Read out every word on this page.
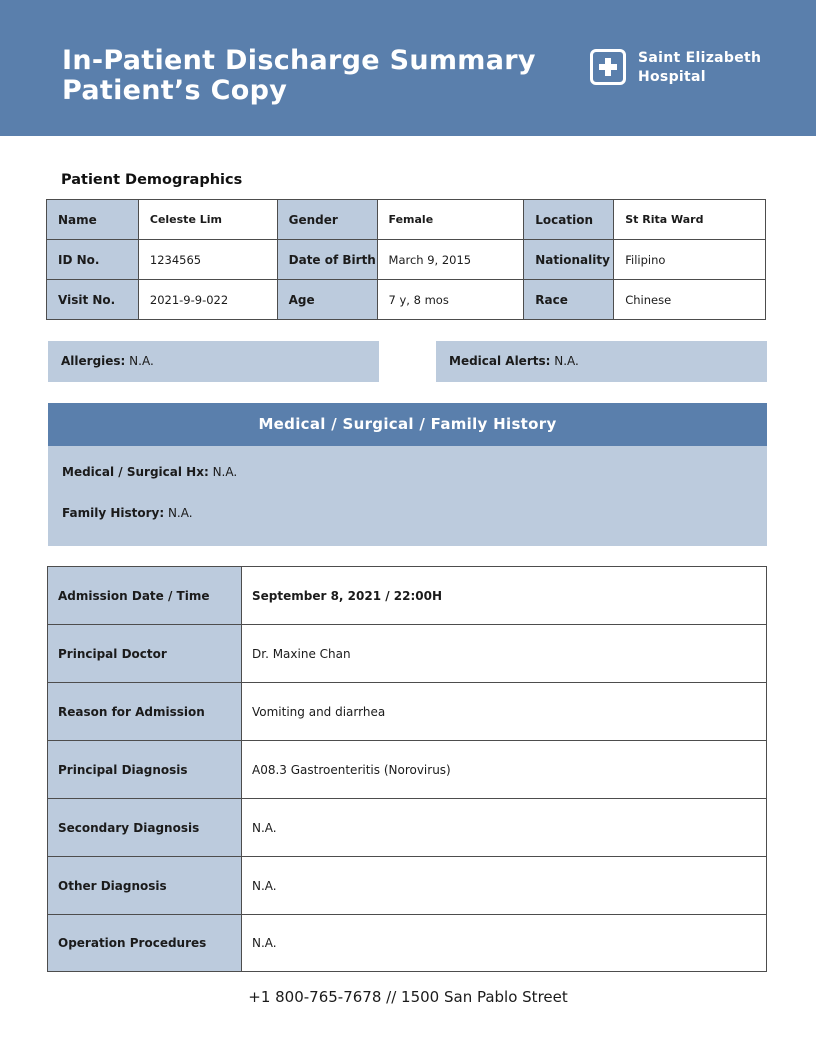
In-Patient Discharge Summary
Patient’s Copy
Saint Elizabeth
Hospital
Patient Demographics
Name	Celeste Lim	Gender	Female	Location	St Rita Ward
ID No.	1234565	Date of Birth	March 9, 2015	Nationality	Filipino
Visit No.	2021-9-9-022	Age	7 y, 8 mos	Race	Chinese
Allergies: N.A.	Medical Alerts: N.A.
Medical / Surgical / Family History
Medical / Surgical Hx: N.A.
Family History: N.A.
Admission Date / Time	September 8, 2021 / 22:00H
Principal Doctor	Dr. Maxine Chan
Reason for Admission	Vomiting and diarrhea
Principal Diagnosis	A08.3 Gastroenteritis (Norovirus)
Secondary Diagnosis	N.A.
Other Diagnosis	N.A.
Operation Procedures	N.A.
+1 800-765-7678 // 1500 San Pablo Street
